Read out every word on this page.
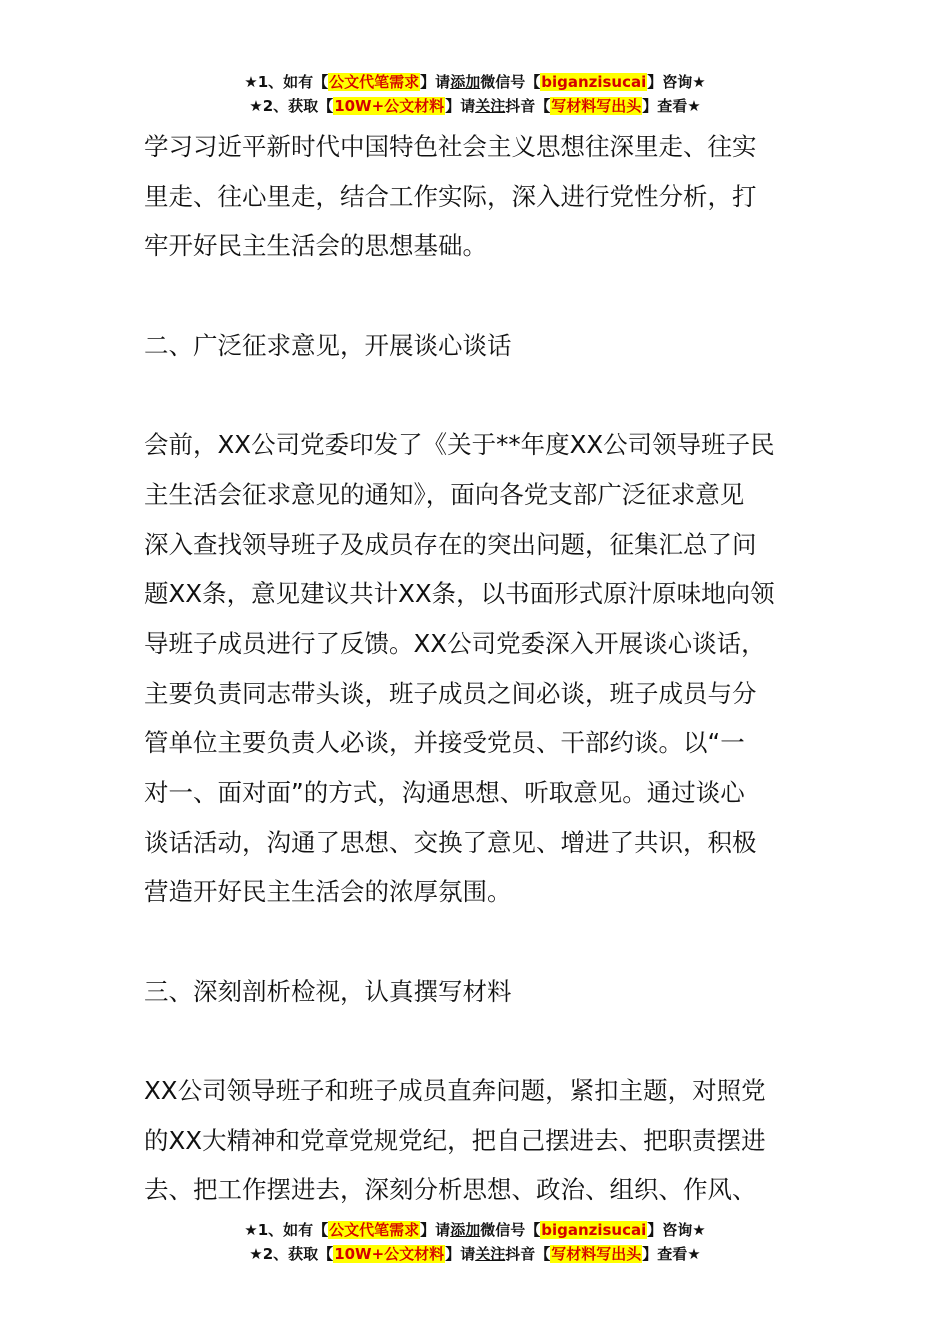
★1、如有【公文代笔需求】请添加微信号【biganzisucai】咨询★
★2、获取【10W+公文材料】请关注抖音【写材料写出头】查看★
学习习近平新时代中国特色社会主义思想往深里走、往实
里走、往心里走，结合工作实际，深入进行党性分析，打
牢开好民主生活会的思想基础。
二、广泛征求意见，开展谈心谈话
会前，XX公司党委印发了《关于**年度XX公司领导班子民
主生活会征求意见的通知》，面向各党支部广泛征求意见
深入查找领导班子及成员存在的突出问题，征集汇总了问
题XX条，意见建议共计XX条，以书面形式原汁原味地向领
导班子成员进行了反馈。XX公司党委深入开展谈心谈话，
主要负责同志带头谈，班子成员之间必谈，班子成员与分
管单位主要负责人必谈，并接受党员、干部约谈。以“一
对一、面对面”的方式，沟通思想、听取意见。通过谈心
谈话活动，沟通了思想、交换了意见、增进了共识，积极
营造开好民主生活会的浓厚氛围。
三、深刻剖析检视，认真撰写材料
XX公司领导班子和班子成员直奔问题，紧扣主题，对照党
的XX大精神和党章党规党纪，把自己摆进去、把职责摆进
去、把工作摆进去，深刻分析思想、政治、组织、作风、
★1、如有【公文代笔需求】请添加微信号【biganzisucai】咨询★
★2、获取【10W+公文材料】请关注抖音【写材料写出头】查看★
